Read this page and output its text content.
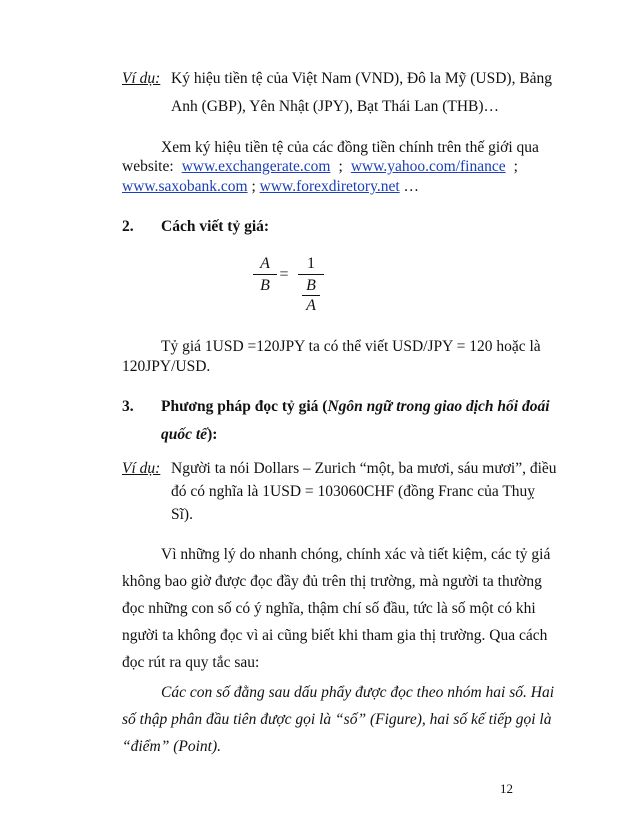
Ví dụ: Ký hiệu tiền tệ của Việt Nam (VND), Đô la Mỹ (USD), Bảng
Anh (GBP), Yên Nhật (JPY), Bạt Thái Lan (THB)…
Xem ký hiệu tiền tệ của các đồng tiền chính trên thế giới qua
website: www.exchangerate.com ; www.yahoo.com/finance ;
www.saxobank.com ; www.forexdiretory.net …
2. Cách viết tỷ giá:
A
B
=
1
B
A
Tỷ giá 1USD =120JPY ta có thể viết USD/JPY = 120 hoặc là
120JPY/USD.
3. Phương pháp đọc tỷ giá (Ngôn ngữ trong giao dịch hối đoái
quốc tế):
Ví dụ: Người ta nói Dollars – Zurich “một, ba mươi, sáu mươi”, điều
đó có nghĩa là 1USD = 103060CHF (đồng Franc của Thuỵ
Sĩ).
Vì những lý do nhanh chóng, chính xác và tiết kiệm, các tỷ giá
không bao giờ được đọc đầy đủ trên thị trường, mà người ta thường
đọc những con số có ý nghĩa, thậm chí số đầu, tức là số một có khi
người ta không đọc vì ai cũng biết khi tham gia thị trường. Qua cách
đọc rút ra quy tắc sau:
Các con số đằng sau dấu phẩy được đọc theo nhóm hai số. Hai
số thập phân đầu tiên được gọi là “số” (Figure), hai số kế tiếp gọi là
“điểm” (Point).
12
